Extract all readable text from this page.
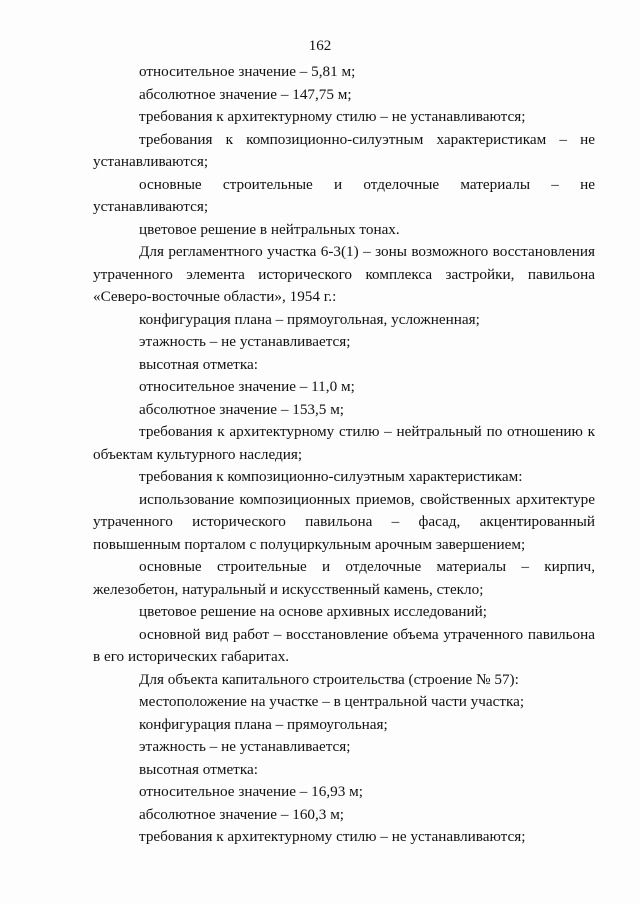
162

относительное значение – 5,81 м;

абсолютное значение – 147,75 м;

требования к архитектурному стилю – не устанавливаются;

требования к композиционно-силуэтным характеристикам – не устанавливаются;

основные строительные и отделочные материалы – не устанавливаются;

цветовое решение в нейтральных тонах.

Для регламентного участка 6-3(1) – зоны возможного восстановления утраченного элемента исторического комплекса застройки, павильона «Северо-восточные области», 1954 г.:

конфигурация плана – прямоугольная, усложненная;

этажность – не устанавливается;

высотная отметка:

относительное значение – 11,0 м;

абсолютное значение – 153,5 м;

требования к архитектурному стилю – нейтральный по отношению к объектам культурного наследия;

требования к композиционно-силуэтным характеристикам:

использование композиционных приемов, свойственных архитектуре утраченного исторического павильона – фасад, акцентированный повышенным порталом с полуциркульным арочным завершением;

основные строительные и отделочные материалы – кирпич, железобетон, натуральный и искусственный камень, стекло;

цветовое решение на основе архивных исследований;

основной вид работ – восстановление объема утраченного павильона в его исторических габаритах.

Для объекта капитального строительства (строение № 57):

местоположение на участке – в центральной части участка;

конфигурация плана – прямоугольная;

этажность – не устанавливается;

высотная отметка:

относительное значение – 16,93 м;

абсолютное значение – 160,3 м;

требования к архитектурному стилю – не устанавливаются;
